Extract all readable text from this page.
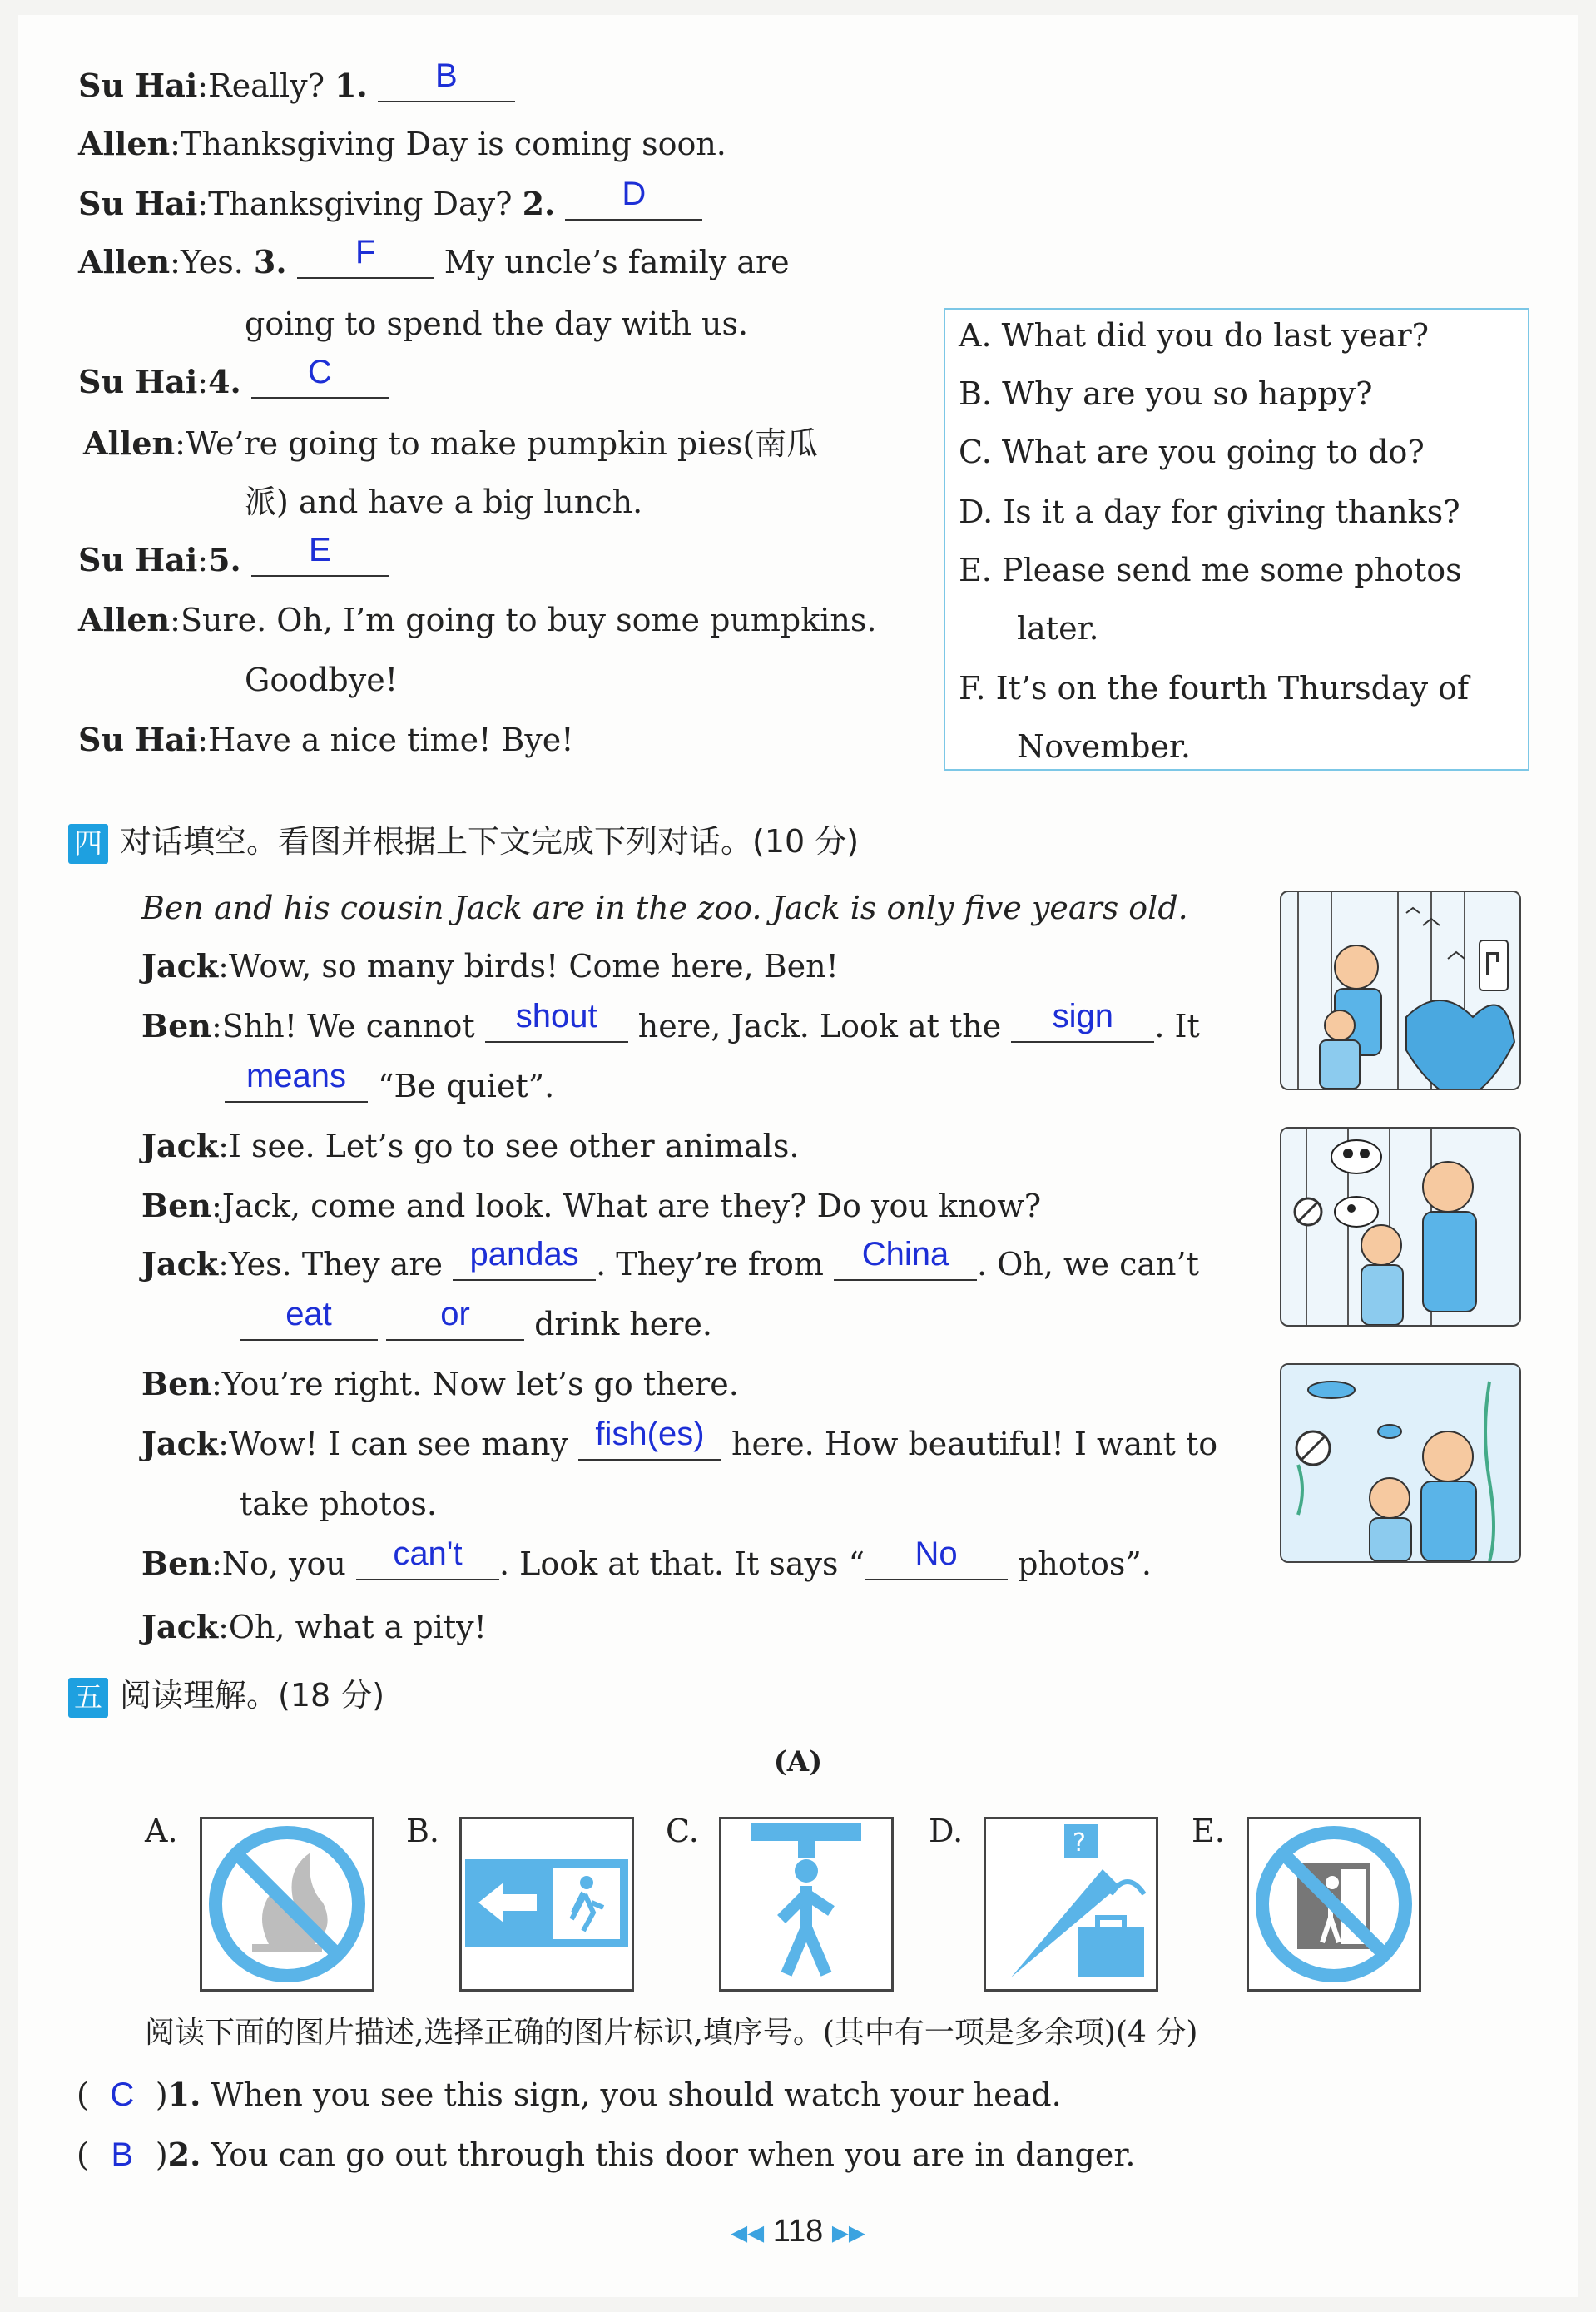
Su Hai:Really? 1. B
Allen:Thanksgiving Day is coming soon.
Su Hai:Thanksgiving Day? 2. D
Allen:Yes. 3. F My uncle’s family are
going to spend the day with us.
Su Hai:4. C
Allen:We’re going to make pumpkin pies(南瓜
派) and have a big lunch.
Su Hai:5. E
Allen:Sure. Oh, I’m going to buy some pumpkins.
Goodbye!
Su Hai:Have a nice time! Bye!
A. What did you do last year?
B. Why are you so happy?
C. What are you going to do?
D. Is it a day for giving thanks?
E. Please send me some photos
later.
F. It’s on the fourth Thursday of
November.
四 对话填空。看图并根据上下文完成下列对话。(10 分)
Ben and his cousin Jack are in the zoo. Jack is only five years old.
Jack:Wow, so many birds! Come here, Ben!
Ben:Shh! We cannot shout here, Jack. Look at the sign . It
means “Be quiet”.
Jack:I see. Let’s go to see other animals.
Ben:Jack, come and look. What are they? Do you know?
Jack:Yes. They are pandas . They’re from China . Oh, we can’t
eat	or drink here.
Ben:You’re right. Now let’s go there.
Jack:Wow! I can see many fish(es) here. How beautiful! I want to
take photos.
Ben:No, you can't . Look at that. It says “ No photos”.
Jack:Oh, what a pity!
五 阅读理解。(18 分)
(A)
A.	B.	C.	D.	?	E.
阅读下面的图片描述,选择正确的图片标识,填序号。(其中有一项是多余项)(4 分)
( C )1. When you see this sign, you should watch your head.
( B )2. You can go out through this door when you are in danger.
◀◀ 118 ▶▶
